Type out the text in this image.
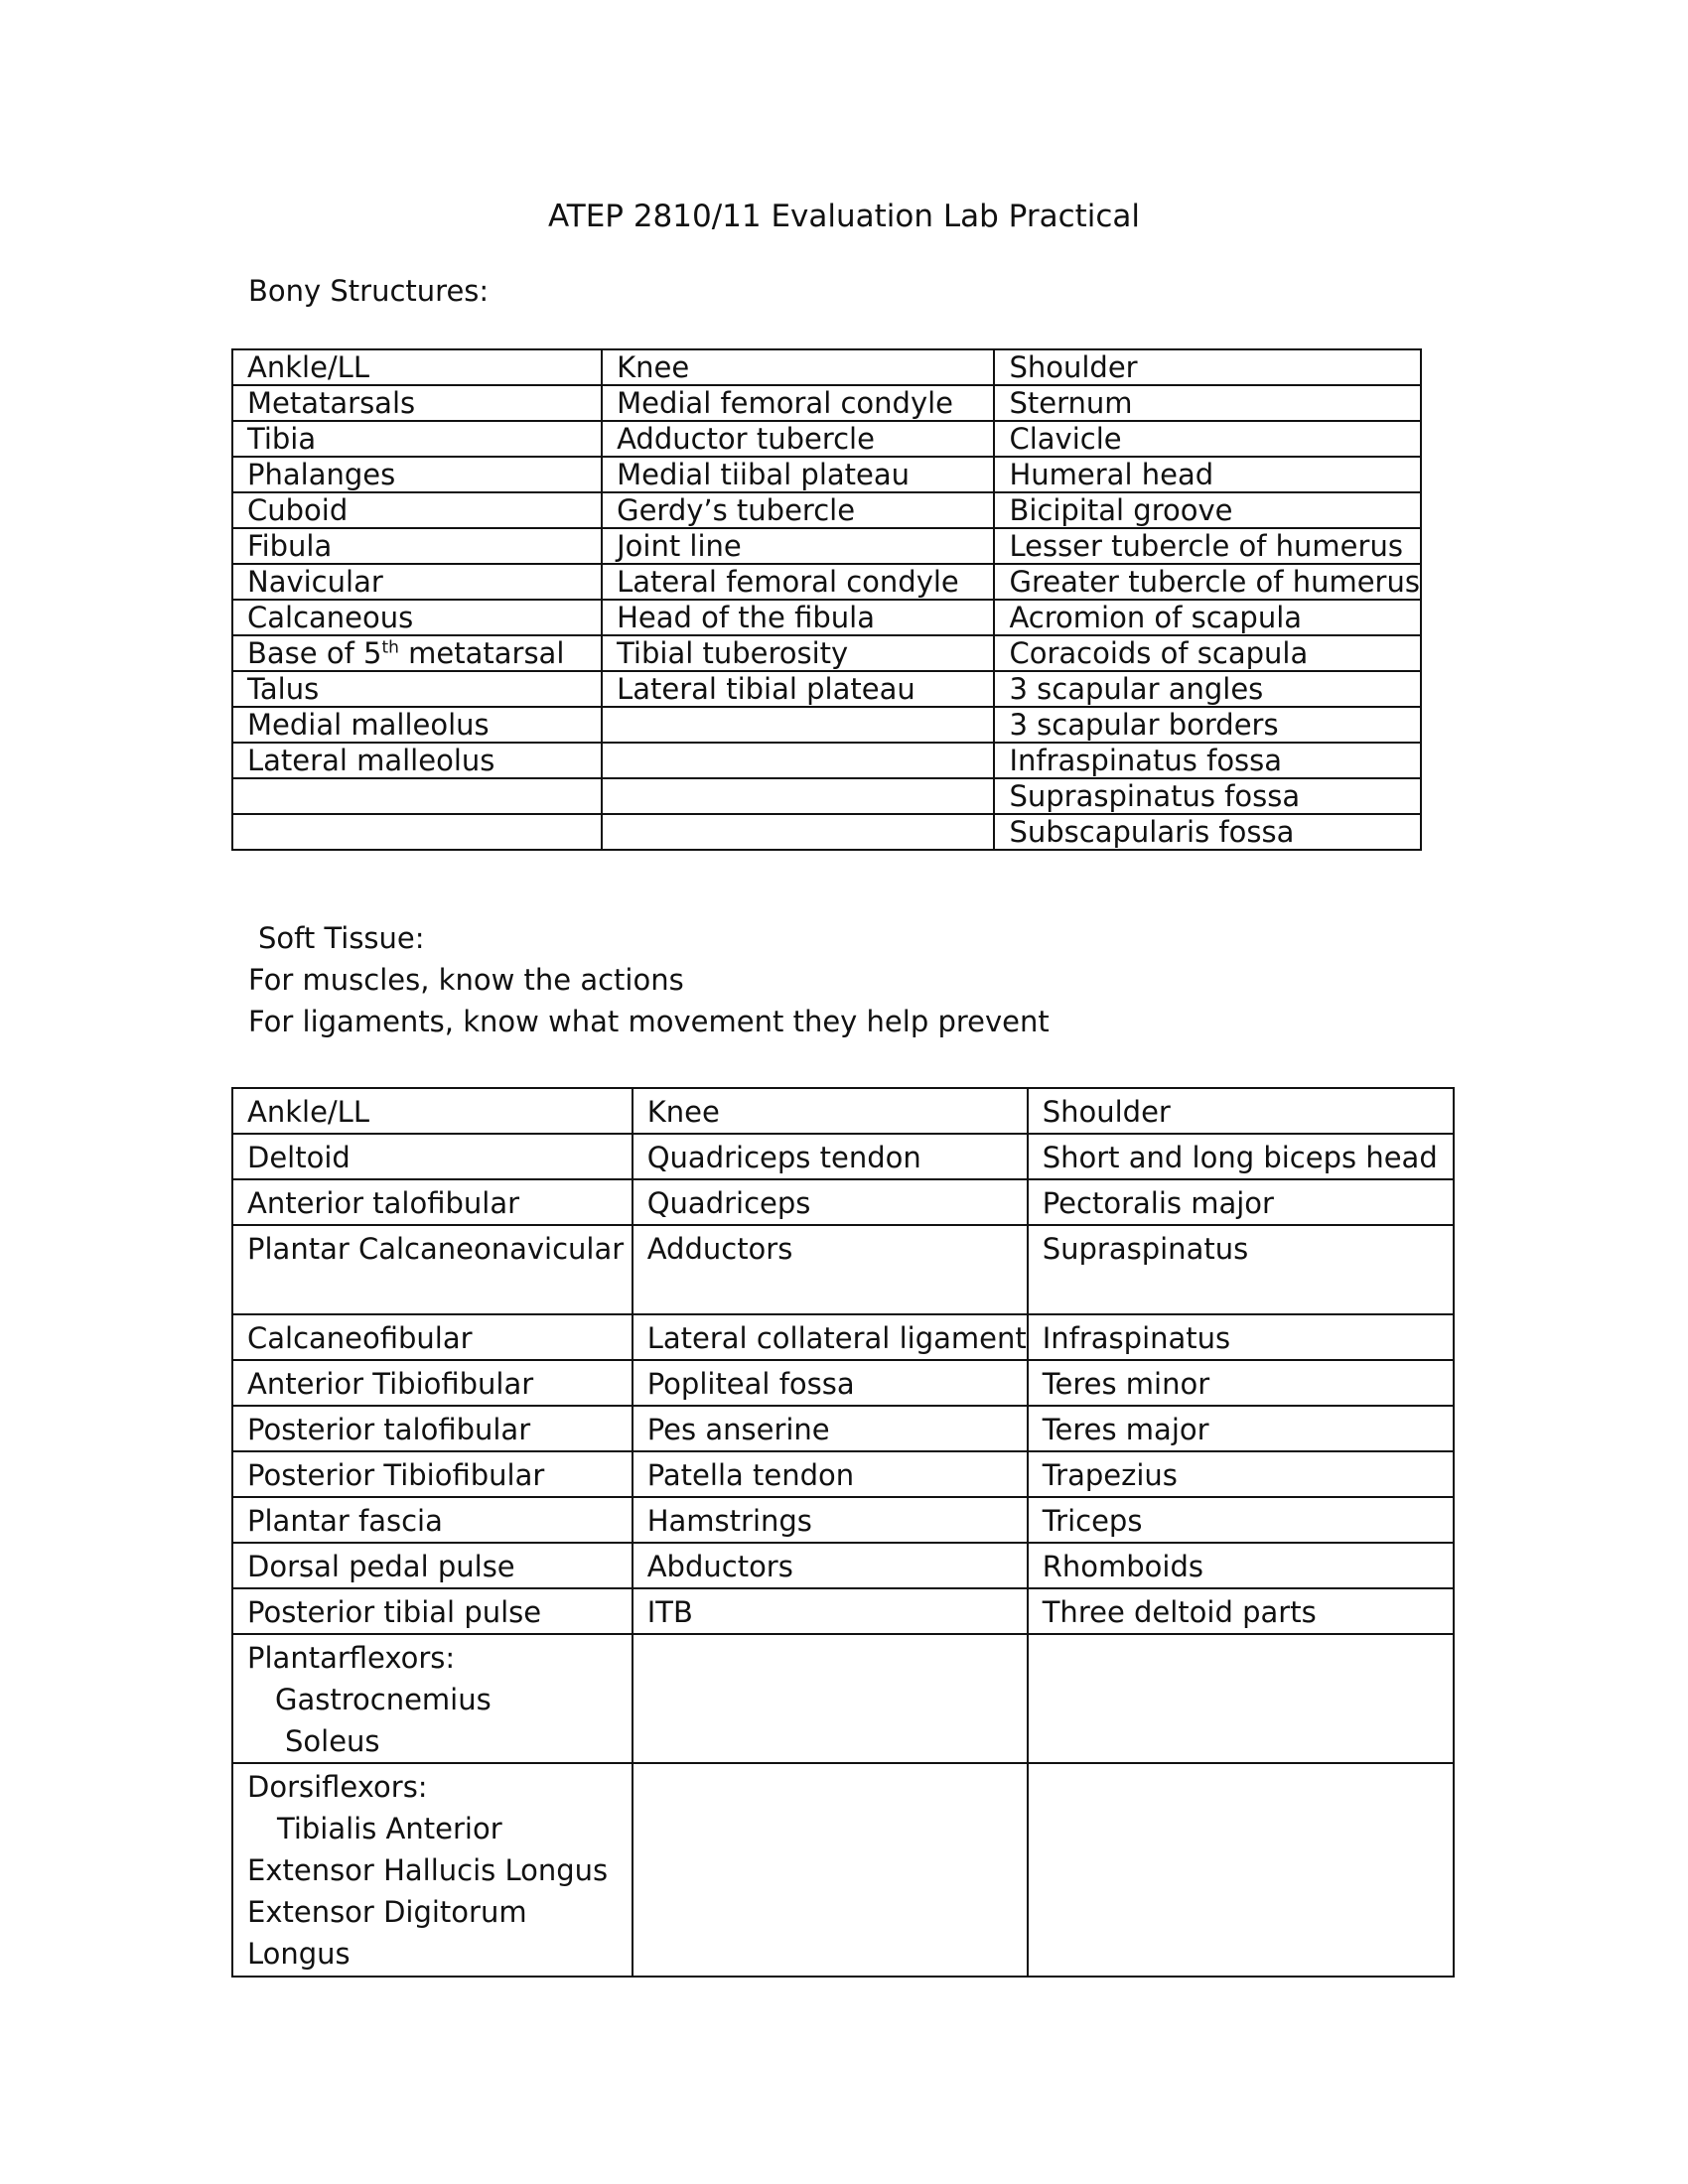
ATEP 2810/11 Evaluation Lab Practical
Bony Structures:
Ankle/LL	Knee	Shoulder
Metatarsals	Medial femoral condyle	Sternum
Tibia	Adductor tubercle	Clavicle
Phalanges	Medial tiibal plateau	Humeral head
Cuboid	Gerdy’s tubercle	Bicipital groove
Fibula	Joint line	Lesser tubercle of humerus
Navicular	Lateral femoral condyle	Greater tubercle of humerus
Calcaneous	Head of the fibula	Acromion of scapula
Base of 5th metatarsal	Tibial tuberosity	Coracoids of scapula
Talus	Lateral tibial plateau	3 scapular angles
Medial malleolus		3 scapular borders
Lateral malleolus		Infraspinatus fossa
		Supraspinatus fossa
		Subscapularis fossa
Soft Tissue:
For muscles, know the actions
For ligaments, know what movement they help prevent
Ankle/LL	Knee	Shoulder
Deltoid	Quadriceps tendon	Short and long biceps head
Anterior talofibular	Quadriceps	Pectoralis major
Plantar Calcaneonavicular	Adductors	Supraspinatus
Calcaneofibular	Lateral collateral ligament	Infraspinatus
Anterior Tibiofibular	Popliteal fossa	Teres minor
Posterior talofibular	Pes anserine	Teres major
Posterior Tibiofibular	Patella tendon	Trapezius
Plantar fascia	Hamstrings	Triceps
Dorsal pedal pulse	Abductors	Rhomboids
Posterior tibial pulse	ITB	Three deltoid parts

Plantarflexors:
Gastrocnemius
Soleus		

Dorsiflexors:
Tibialis Anterior
Extensor Hallucis Longus
Extensor Digitorum
Longus		
